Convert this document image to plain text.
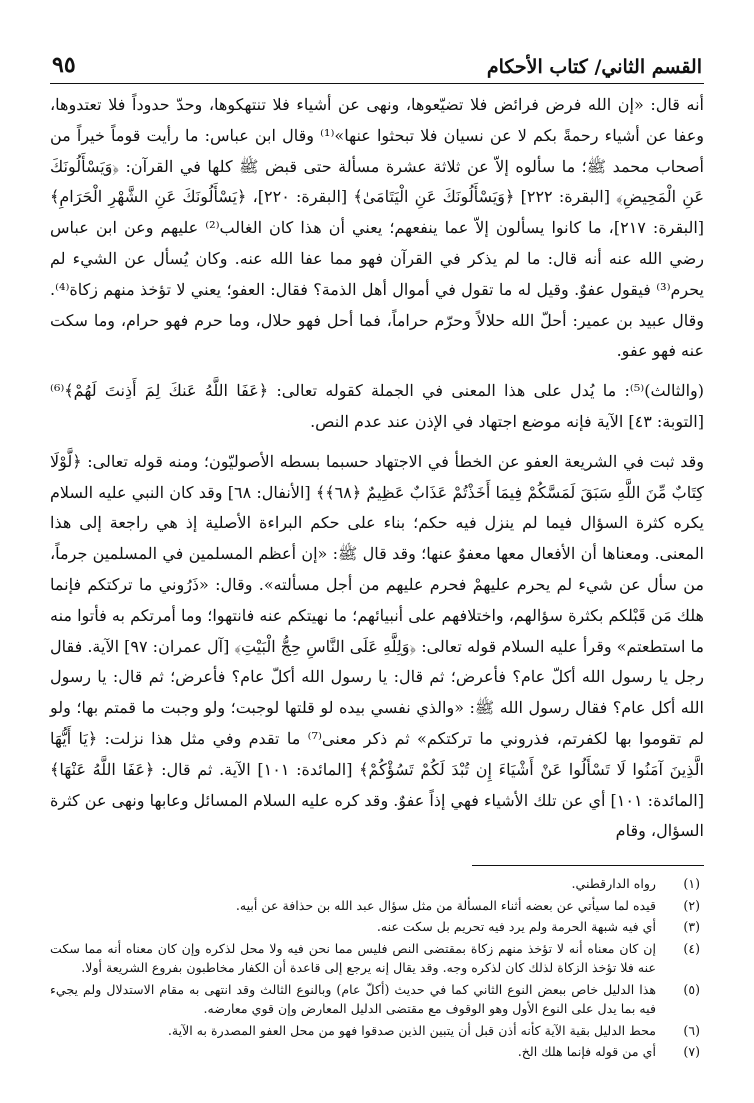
القسم الثاني/ كتاب الأحكام
٩٥

أنه قال: «إن الله فرض فرائض فلا تضيّعوها، ونهى عن أشياء فلا تنتهكوها، وحدّ حدوداً فلا تعتدوها، وعفا عن أشياء رحمةً بكم لا عن نسيان فلا تبحثوا عنها»⁽¹⁾ وقال ابن عباس: ما رأيت قوماً خيراً من أصحاب محمد ﷺ؛ ما سألوه إلاّ عن ثلاثة عشرة مسألة حتى قبض ﷺ كلها في القرآن: ﴿وَيَسْأَلُونَكَ عَنِ الْمَحِيضِ﴾ [البقرة: ٢٢٢] ﴿وَيَسْأَلُونَكَ عَنِ الْيَتَامَىٰ﴾ [البقرة: ٢٢٠]، ﴿يَسْأَلُونَكَ عَنِ الشَّهْرِ الْحَرَامِ﴾ [البقرة: ٢١٧]، ما كانوا يسألون إلاّ عما ينفعهم؛ يعني أن هذا كان الغالب⁽²⁾ عليهم وعن ابن عباس رضي الله عنه أنه قال: ما لم يذكر في القرآن فهو مما عفا الله عنه. وكان يُسأل عن الشيء لم يحرم⁽³⁾ فيقول عفوٌ. وقيل له ما تقول في أموال أهل الذمة؟ فقال: العفو؛ يعني لا تؤخذ منهم زكاة⁽⁴⁾. وقال عبيد بن عمير: أحلّ الله حلالاً وحرّم حراماً، فما أحل فهو حلال، وما حرم فهو حرام، وما سكت عنه فهو عفو.

(والثالث)⁽⁵⁾: ما يُدل على هذا المعنى في الجملة كقوله تعالى: ﴿عَفَا اللَّهُ عَنكَ لِمَ أَذِنتَ لَهُمْ﴾⁽⁶⁾ [التوبة: ٤٣] الآية فإنه موضع اجتهاد في الإذن عند عدم النص.

وقد ثبت في الشريعة العفو عن الخطأ في الاجتهاد حسبما بسطه الأصوليّون؛ ومنه قوله تعالى: ﴿لَّوْلَا كِتَابٌ مِّنَ اللَّهِ سَبَقَ لَمَسَّكُمْ فِيمَا أَخَذْتُمْ عَذَابٌ عَظِيمٌ ﴿٦٨﴾﴾ [الأنفال: ٦٨] وقد كان النبي عليه السلام يكره كثرة السؤال فيما لم ينزل فيه حكم؛ بناء على حكم البراءة الأصلية إذ هي راجعة إلى هذا المعنى. ومعناها أن الأفعال معها معفوٌ عنها؛ وقد قال ﷺ: «إن أعظم المسلمين في المسلمين جرماً، من سأل عن شيء لم يحرم عليهمْ فحرم عليهم من أجل مسألته». وقال: «ذَرُوني ما تركتكم فإنما هلك مَن قَبْلكم بكثرة سؤالهم، واختلافهم على أنبيائهم؛ ما نهيتكم عنه فانتهوا؛ وما أمرتكم به فأتوا منه ما استطعتم» وقرأ عليه السلام قوله تعالى: ﴿وَلِلَّهِ عَلَى النَّاسِ حِجُّ الْبَيْتِ﴾ [آل عمران: ٩٧] الآية. فقال رجل يا رسول الله أكلّ عام؟ فأعرض؛ ثم قال: يا رسول الله أكلّ عام؟ فأعرض؛ ثم قال: يا رسول الله أكل عام؟ فقال رسول الله ﷺ: «والذي نفسي بيده لو قلتها لوجبت؛ ولو وجبت ما قمتم بها؛ ولو لم تقوموا بها لكفرتم، فذروني ما تركتكم» ثم ذكر معنى⁽⁷⁾ ما تقدم وفي مثل هذا نزلت: ﴿يَا أَيُّهَا الَّذِينَ آمَنُوا لَا تَسْأَلُوا عَنْ أَشْيَاءَ إِن تُبْدَ لَكُمْ تَسُؤْكُمْ﴾ [المائدة: ١٠١] الآية. ثم قال: ﴿عَفَا اللَّهُ عَنْهَا﴾ [المائدة: ١٠١] أي عن تلك الأشياء فهي إذاً عفوٌ. وقد كره عليه السلام المسائل وعابها ونهى عن كثرة السؤال، وقام

(١)
رواه الدارقطني.
(٢)
قيده لما سيأتي عن بعضه أثناء المسألة من مثل سؤال عبد الله بن حذافة عن أبيه.
(٣)
أي فيه شبهة الحرمة ولم يرد فيه تحريم بل سكت عنه.
(٤)
إن كان معناه أنه لا تؤخذ منهم زكاة بمقتضى النص فليس مما نحن فيه ولا محل لذكره وإن كان معناه أنه مما سكت عنه فلا تؤخذ الزكاة لذلك كان لذكره وجه. وقد يقال إنه يرجع إلى قاعدة أن الكفار مخاطبون بفروع الشريعة أولا.
(٥)
هذا الدليل خاص ببعض النوع الثاني كما في حديث (أكلّ عام) وبالنوع الثالث وقد انتهى به مقام الاستدلال ولم يجيء فيه بما يدل على النوع الأول وهو الوقوف مع مقتضى الدليل المعارض وإن قوي معارضه.
(٦)
محط الدليل بقية الآية كأنه أذن قبل أن يتبين الذين صدقوا فهو من محل العفو المصدرة به الآية.
(٧)
أي من قوله فإنما هلك الخ.
